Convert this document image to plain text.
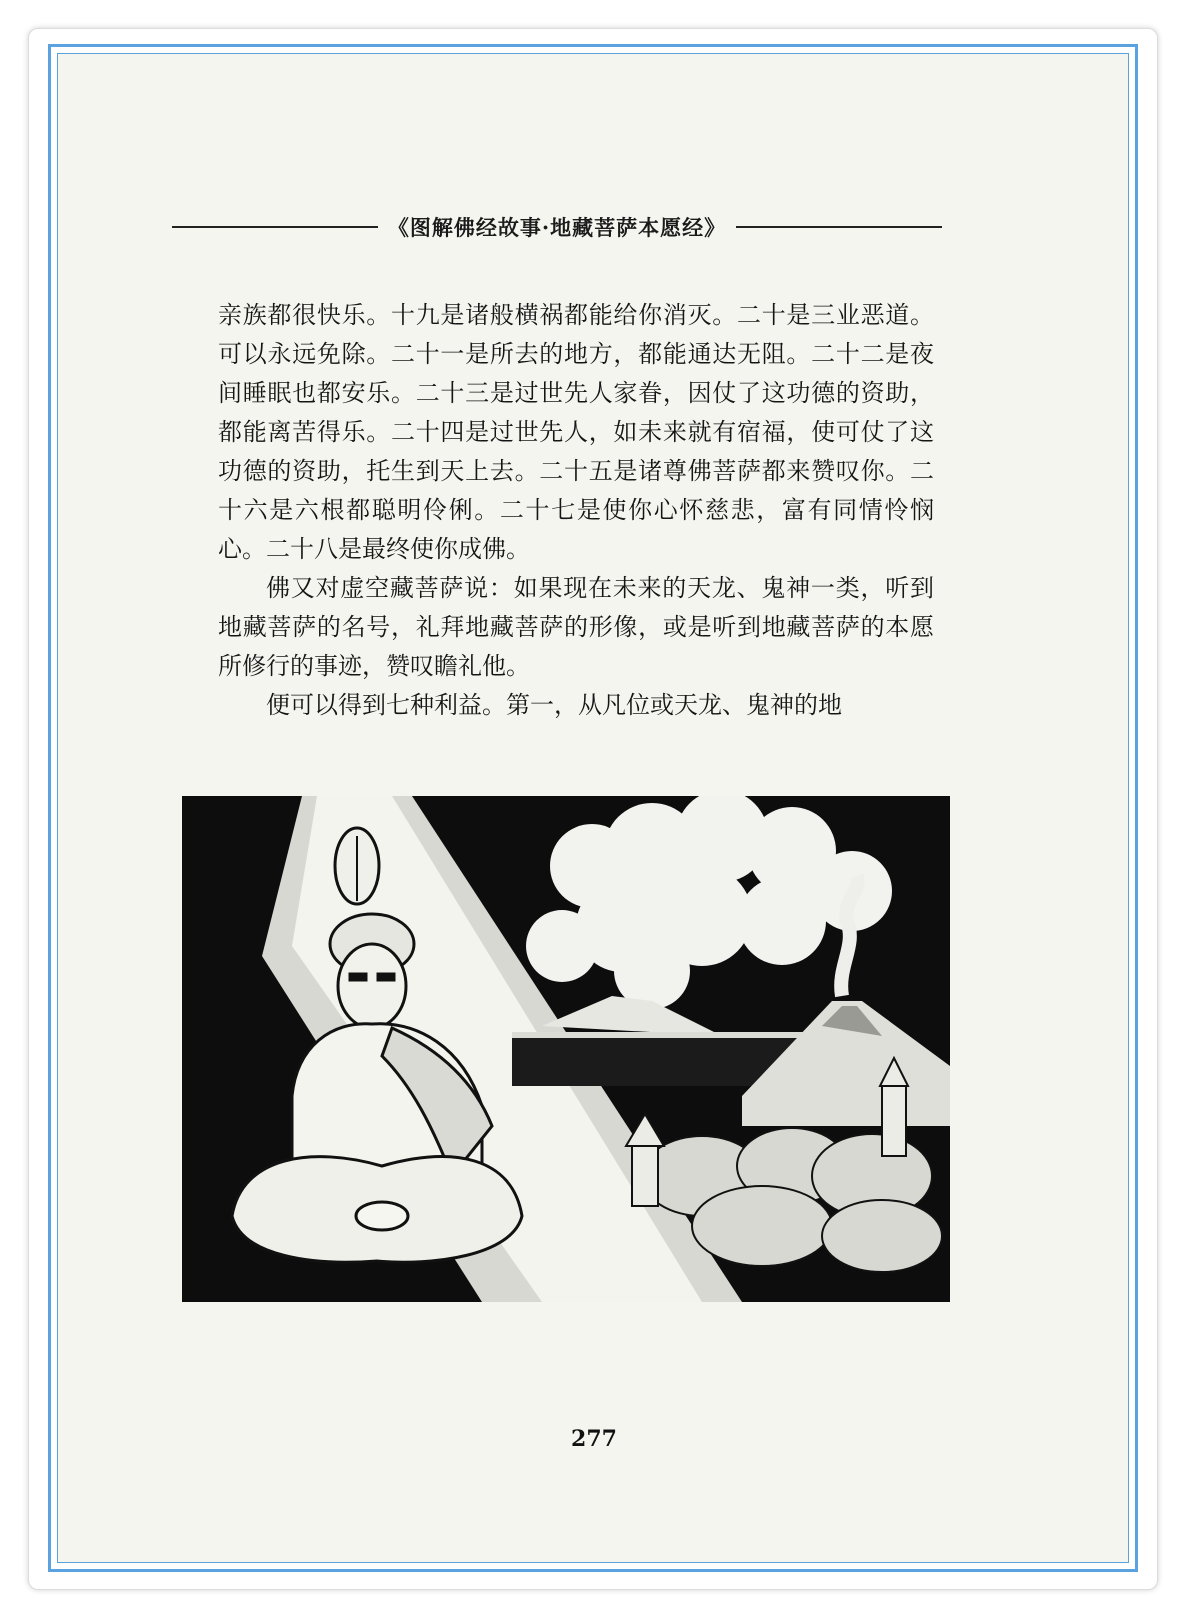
《图解佛经故事·地藏菩萨本愿经》

亲族都很快乐。十九是诸般横祸都能给你消灭。二十是三业恶道。可以永远免除。二十一是所去的地方，都能通达无阻。二十二是夜间睡眠也都安乐。二十三是过世先人家眷，因仗了这功德的资助，都能离苦得乐。二十四是过世先人，如未来就有宿福，使可仗了这功德的资助，托生到天上去。二十五是诸尊佛菩萨都来赞叹你。二十六是六根都聪明伶俐。二十七是使你心怀慈悲，富有同情怜悯心。二十八是最终使你成佛。

佛又对虚空藏菩萨说：如果现在未来的天龙、鬼神一类，听到地藏菩萨的名号，礼拜地藏菩萨的形像，或是听到地藏菩萨的本愿所修行的事迹，赞叹瞻礼他。

便可以得到七种利益。第一，从凡位或天龙、鬼神的地

277
